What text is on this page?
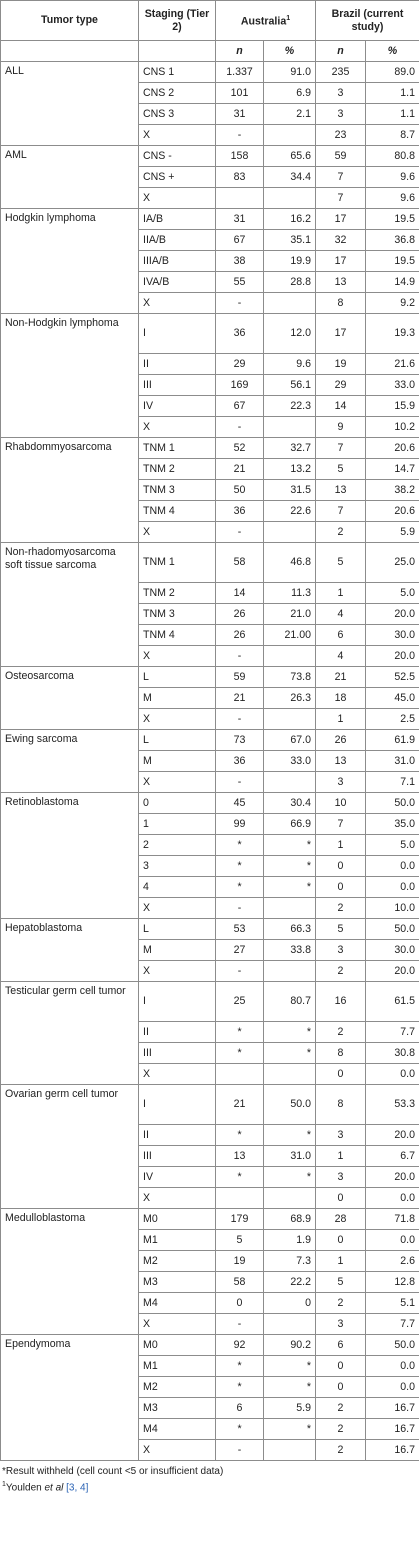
Tumor type	Staging (Tier 2)	Australia$^1$		Brazil (current study)	
		n	%	n	%
ALL	CNS 1	1.337	91.0	235	89.0
	CNS 2	101	6.9	3	1.1
	CNS 3	31	2.1	3	1.1
	X	-		23	8.7
AML	CNS -	158	65.6	59	80.8
	CNS +	83	34.4	7	9.6
	X			7	9.6
Hodgkin lymphoma	IA/B	31	16.2	17	19.5
	IIA/B	67	35.1	32	36.8
	IIIA/B	38	19.9	17	19.5
	IVA/B	55	28.8	13	14.9
	X	-		8	9.2
Non-Hodgkin lymphoma	I	36	12.0	17	19.3
	II	29	9.6	19	21.6
	III	169	56.1	29	33.0
	IV	67	22.3	14	15.9
	X	-		9	10.2
Rhabdommyosarcoma	TNM 1	52	32.7	7	20.6
	TNM 2	21	13.2	5	14.7
	TNM 3	50	31.5	13	38.2
	TNM 4	36	22.6	7	20.6
	X	-		2	5.9
Non-rhadomyosarcoma soft tissue sarcoma	TNM 1	58	46.8	5	25.0
	TNM 2	14	11.3	1	5.0
	TNM 3	26	21.0	4	20.0
	TNM 4	26	21.00	6	30.0
	X	-		4	20.0
Osteosarcoma	L	59	73.8	21	52.5
	M	21	26.3	18	45.0
	X	-		1	2.5
Ewing sarcoma	L	73	67.0	26	61.9
	M	36	33.0	13	31.0
	X	-		3	7.1
Retinoblastoma	0	45	30.4	10	50.0
	1	99	66.9	7	35.0
	2	*	*	1	5.0
	3	*	*	0	0.0
	4	*	*	0	0.0
	X	-		2	10.0
Hepatoblastoma	L	53	66.3	5	50.0
	M	27	33.8	3	30.0
	X	-		2	20.0
Testicular germ cell tumor	I	25	80.7	16	61.5
	II	*	*	2	7.7
	III	*	*	8	30.8
	X			0	0.0
Ovarian germ cell tumor	I	21	50.0	8	53.3
	II	*	*	3	20.0
	III	13	31.0	1	6.7
	IV	*	*	3	20.0
	X			0	0.0
Medulloblastoma	M0	179	68.9	28	71.8
	M1	5	1.9	0	0.0
	M2	19	7.3	1	2.6
	M3	58	22.2	5	12.8
	M4	0	0	2	5.1
	X	-		3	7.7
Ependymoma	M0	92	90.2	6	50.0
	M1	*	*	0	0.0
	M2	*	*	0	0.0
	M3	6	5.9	2	16.7
	M4	*	*	2	16.7
	X	-		2	16.7
*Result withheld (cell count <5 or insufficient data)
$^1$Youlden et al [3, 4]
